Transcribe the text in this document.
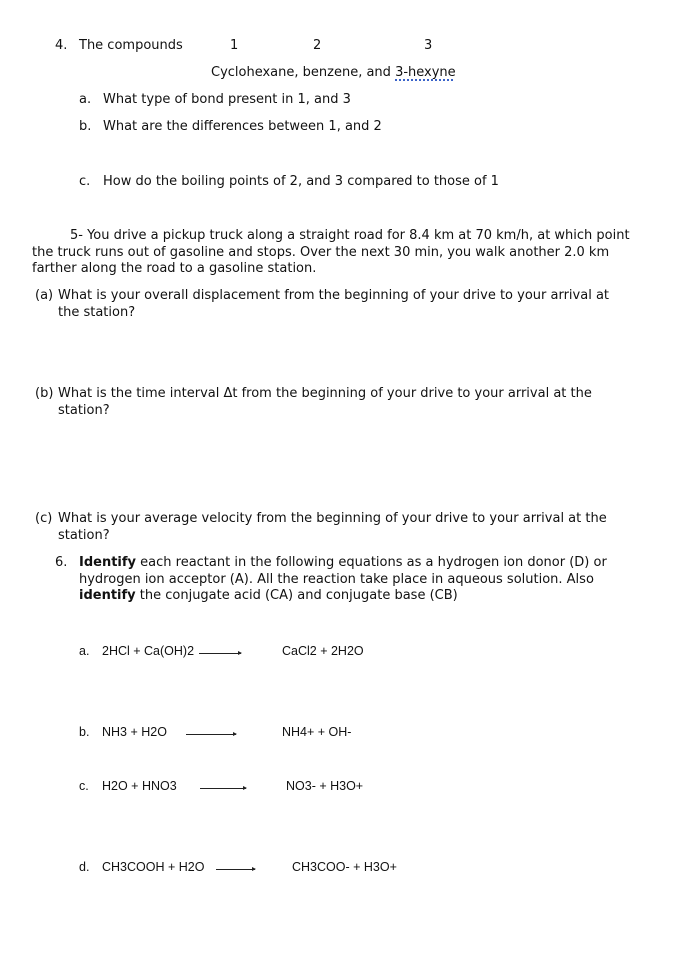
4. The compounds	1	2	3
Cyclohexane, benzene, and 3-hexyne
a. What type of bond present in 1, and 3
b. What are the differences between 1, and 2
c. How do the boiling points of 2, and 3 compared to those of 1
5- You drive a pickup truck along a straight road for 8.4 km at 70 km/h, at which point the truck runs out of gasoline and stops. Over the next 30 min, you walk another 2.0 km farther along the road to a gasoline station.
(a) What is your overall displacement from the beginning of your drive to your arrival at the station?
(b) What is the time interval Δt from the beginning of your drive to your arrival at the station?
(c) What is your average velocity from the beginning of your drive to your arrival at the station?
6. Identify each reactant in the following equations as a hydrogen ion donor (D) or hydrogen ion acceptor (A). All the reaction take place in aqueous solution. Also identify the conjugate acid (CA) and conjugate base (CB)
a. 2HCl + Ca(OH)2 →	CaCl2 + 2H2O
b. NH3 + H2O →	NH4+ + OH-
c. H2O + HNO3	NO3- + H3O+
d. CH3COOH + H2O →	CH3COO- + H3O+
